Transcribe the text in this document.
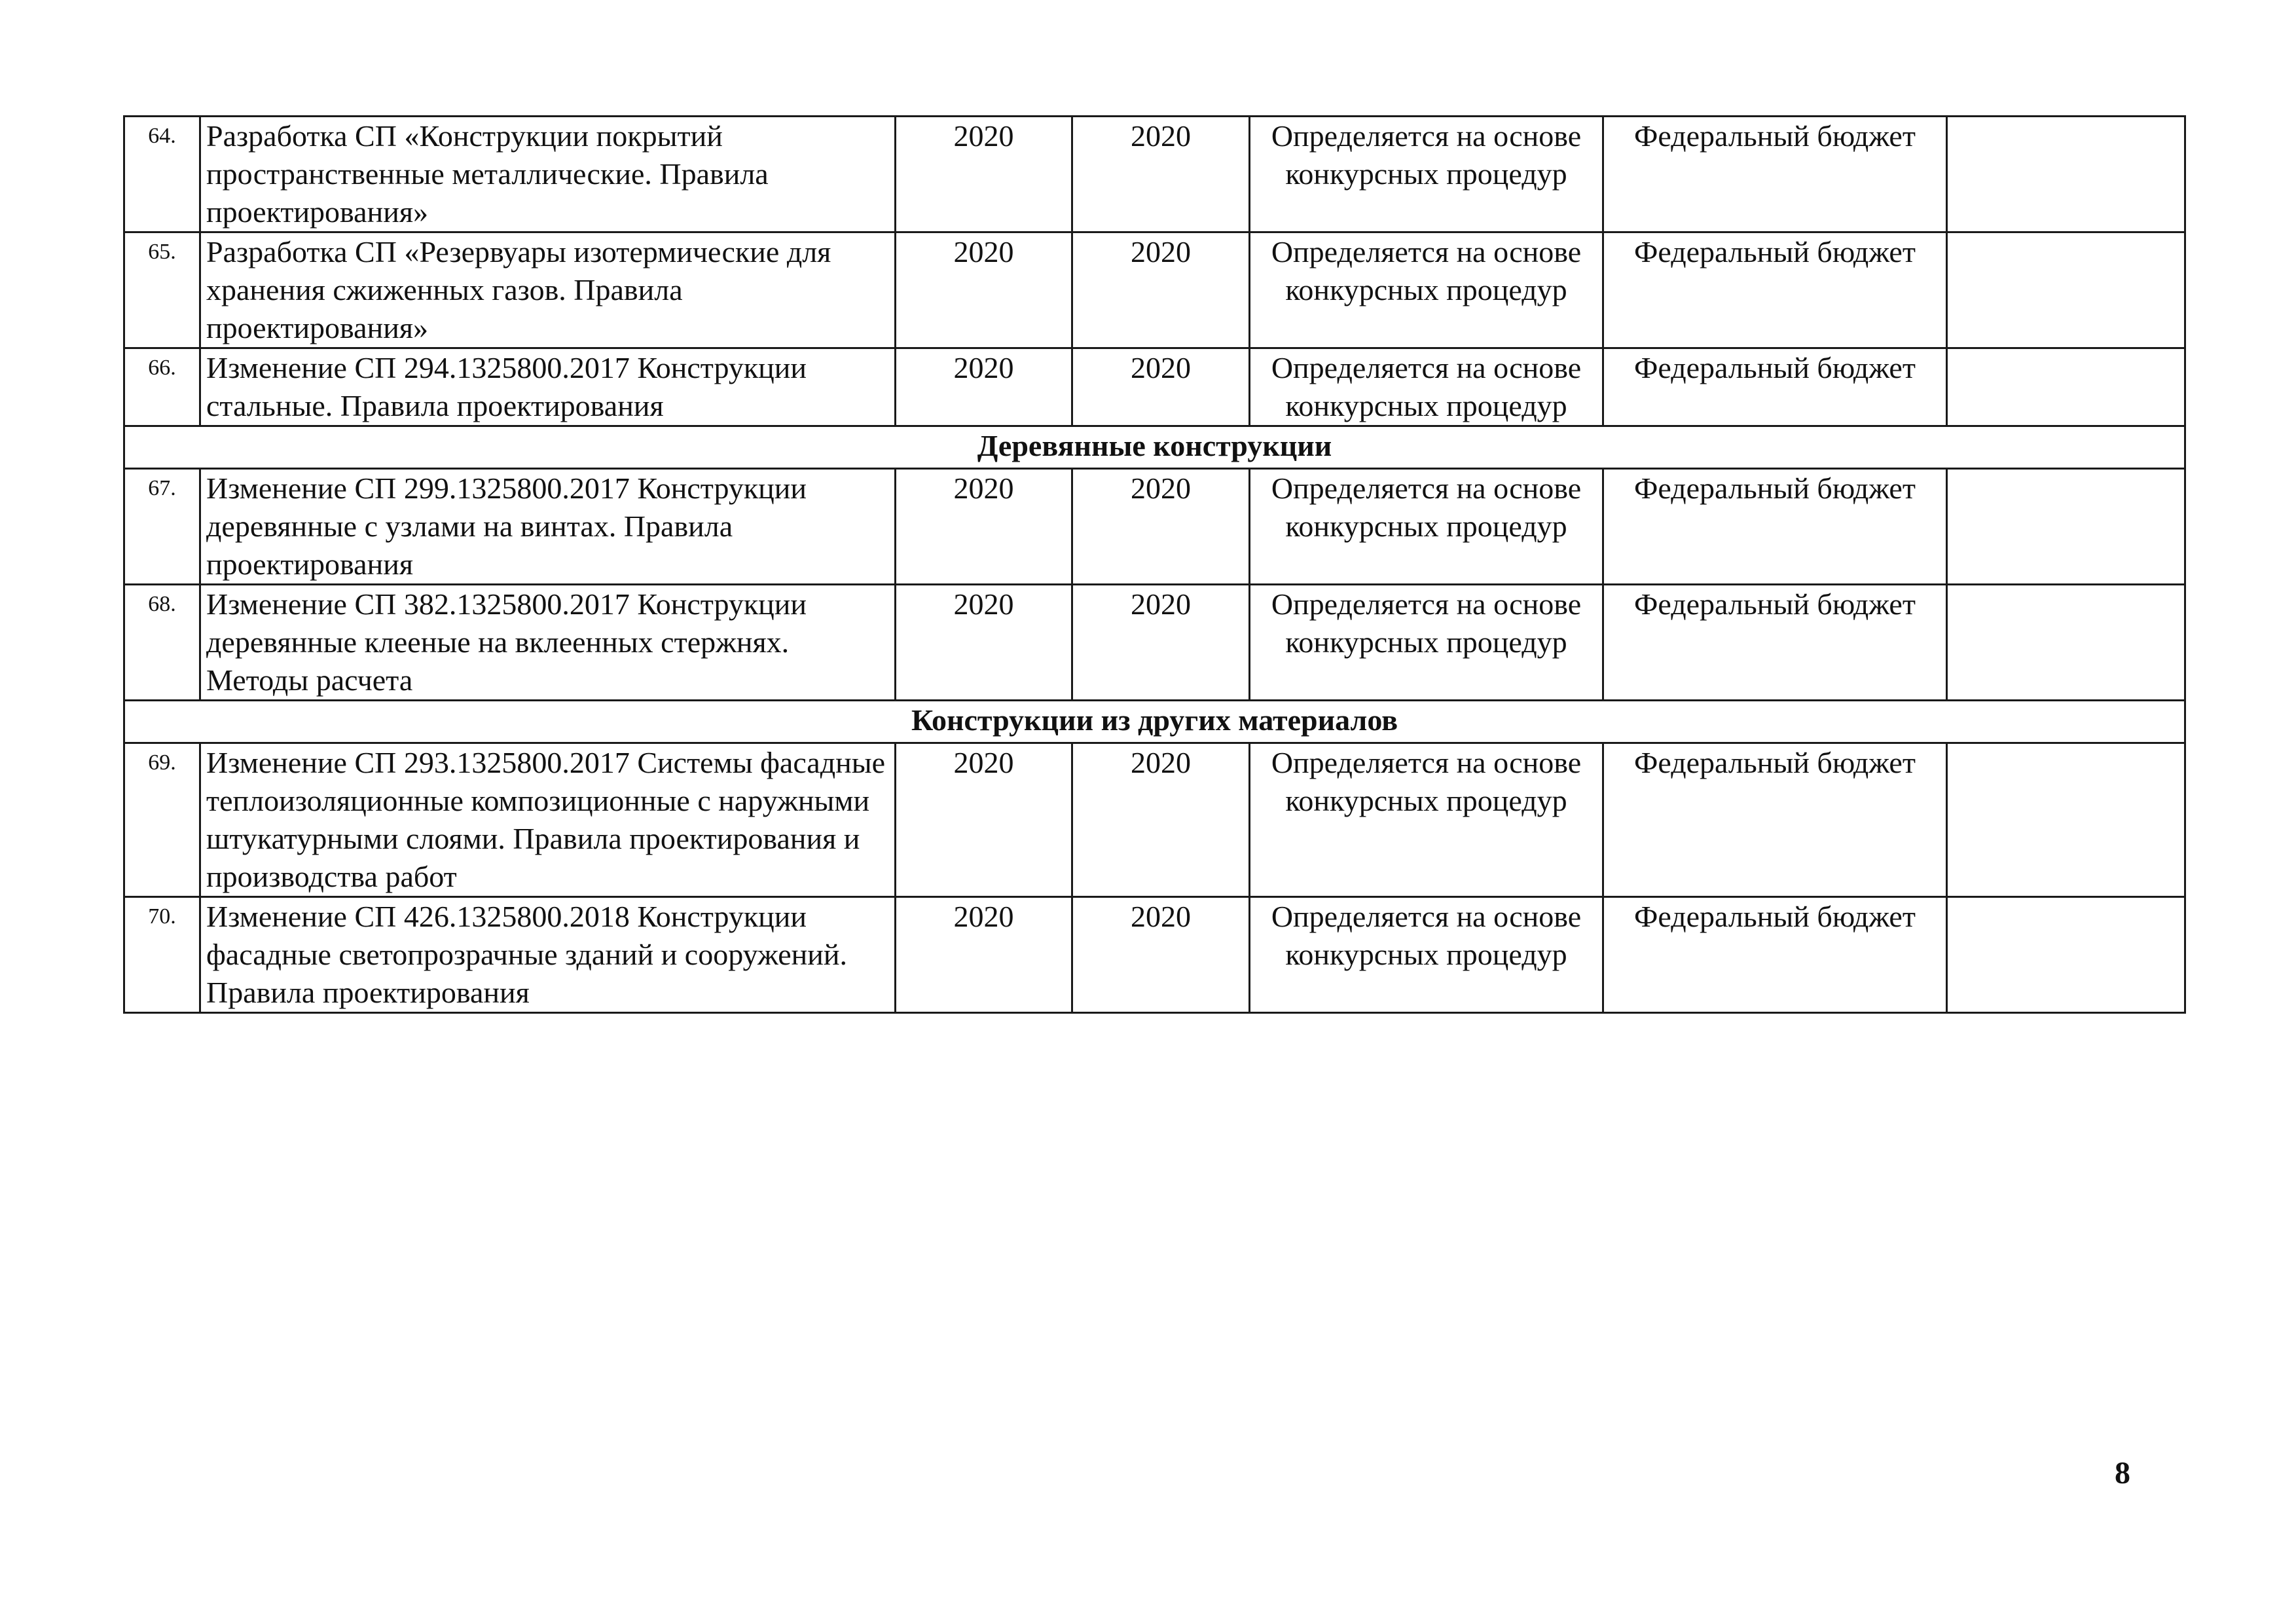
64.	Разработка СП «Конструкции покрытий пространственные металлические. Правила проектирования»	2020	2020	Определяется на основе конкурсных процедур	Федеральный бюджет	
65.	Разработка СП «Резервуары изотермические для хранения сжиженных газов. Правила проектирования»	2020	2020	Определяется на основе конкурсных процедур	Федеральный бюджет	
66.	Изменение СП 294.1325800.2017 Конструкции стальные. Правила проектирования	2020	2020	Определяется на основе конкурсных процедур	Федеральный бюджет	
Деревянные конструкции						
67.	Изменение СП 299.1325800.2017 Конструкции деревянные с узлами на винтах. Правила проектирования	2020	2020	Определяется на основе конкурсных процедур	Федеральный бюджет	
68.	Изменение СП 382.1325800.2017 Конструкции деревянные клееные на вклеенных стержнях. Методы расчета	2020	2020	Определяется на основе конкурсных процедур	Федеральный бюджет	
Конструкции из других материалов						
69.	Изменение СП 293.1325800.2017 Системы фасадные теплоизоляционные композиционные с наружными штукатурными слоями. Правила проектирования и производства работ	2020	2020	Определяется на основе конкурсных процедур	Федеральный бюджет	
70.	Изменение СП 426.1325800.2018 Конструкции фасадные светопрозрачные зданий и сооружений. Правила проектирования	2020	2020	Определяется на основе конкурсных процедур	Федеральный бюджет	
8
